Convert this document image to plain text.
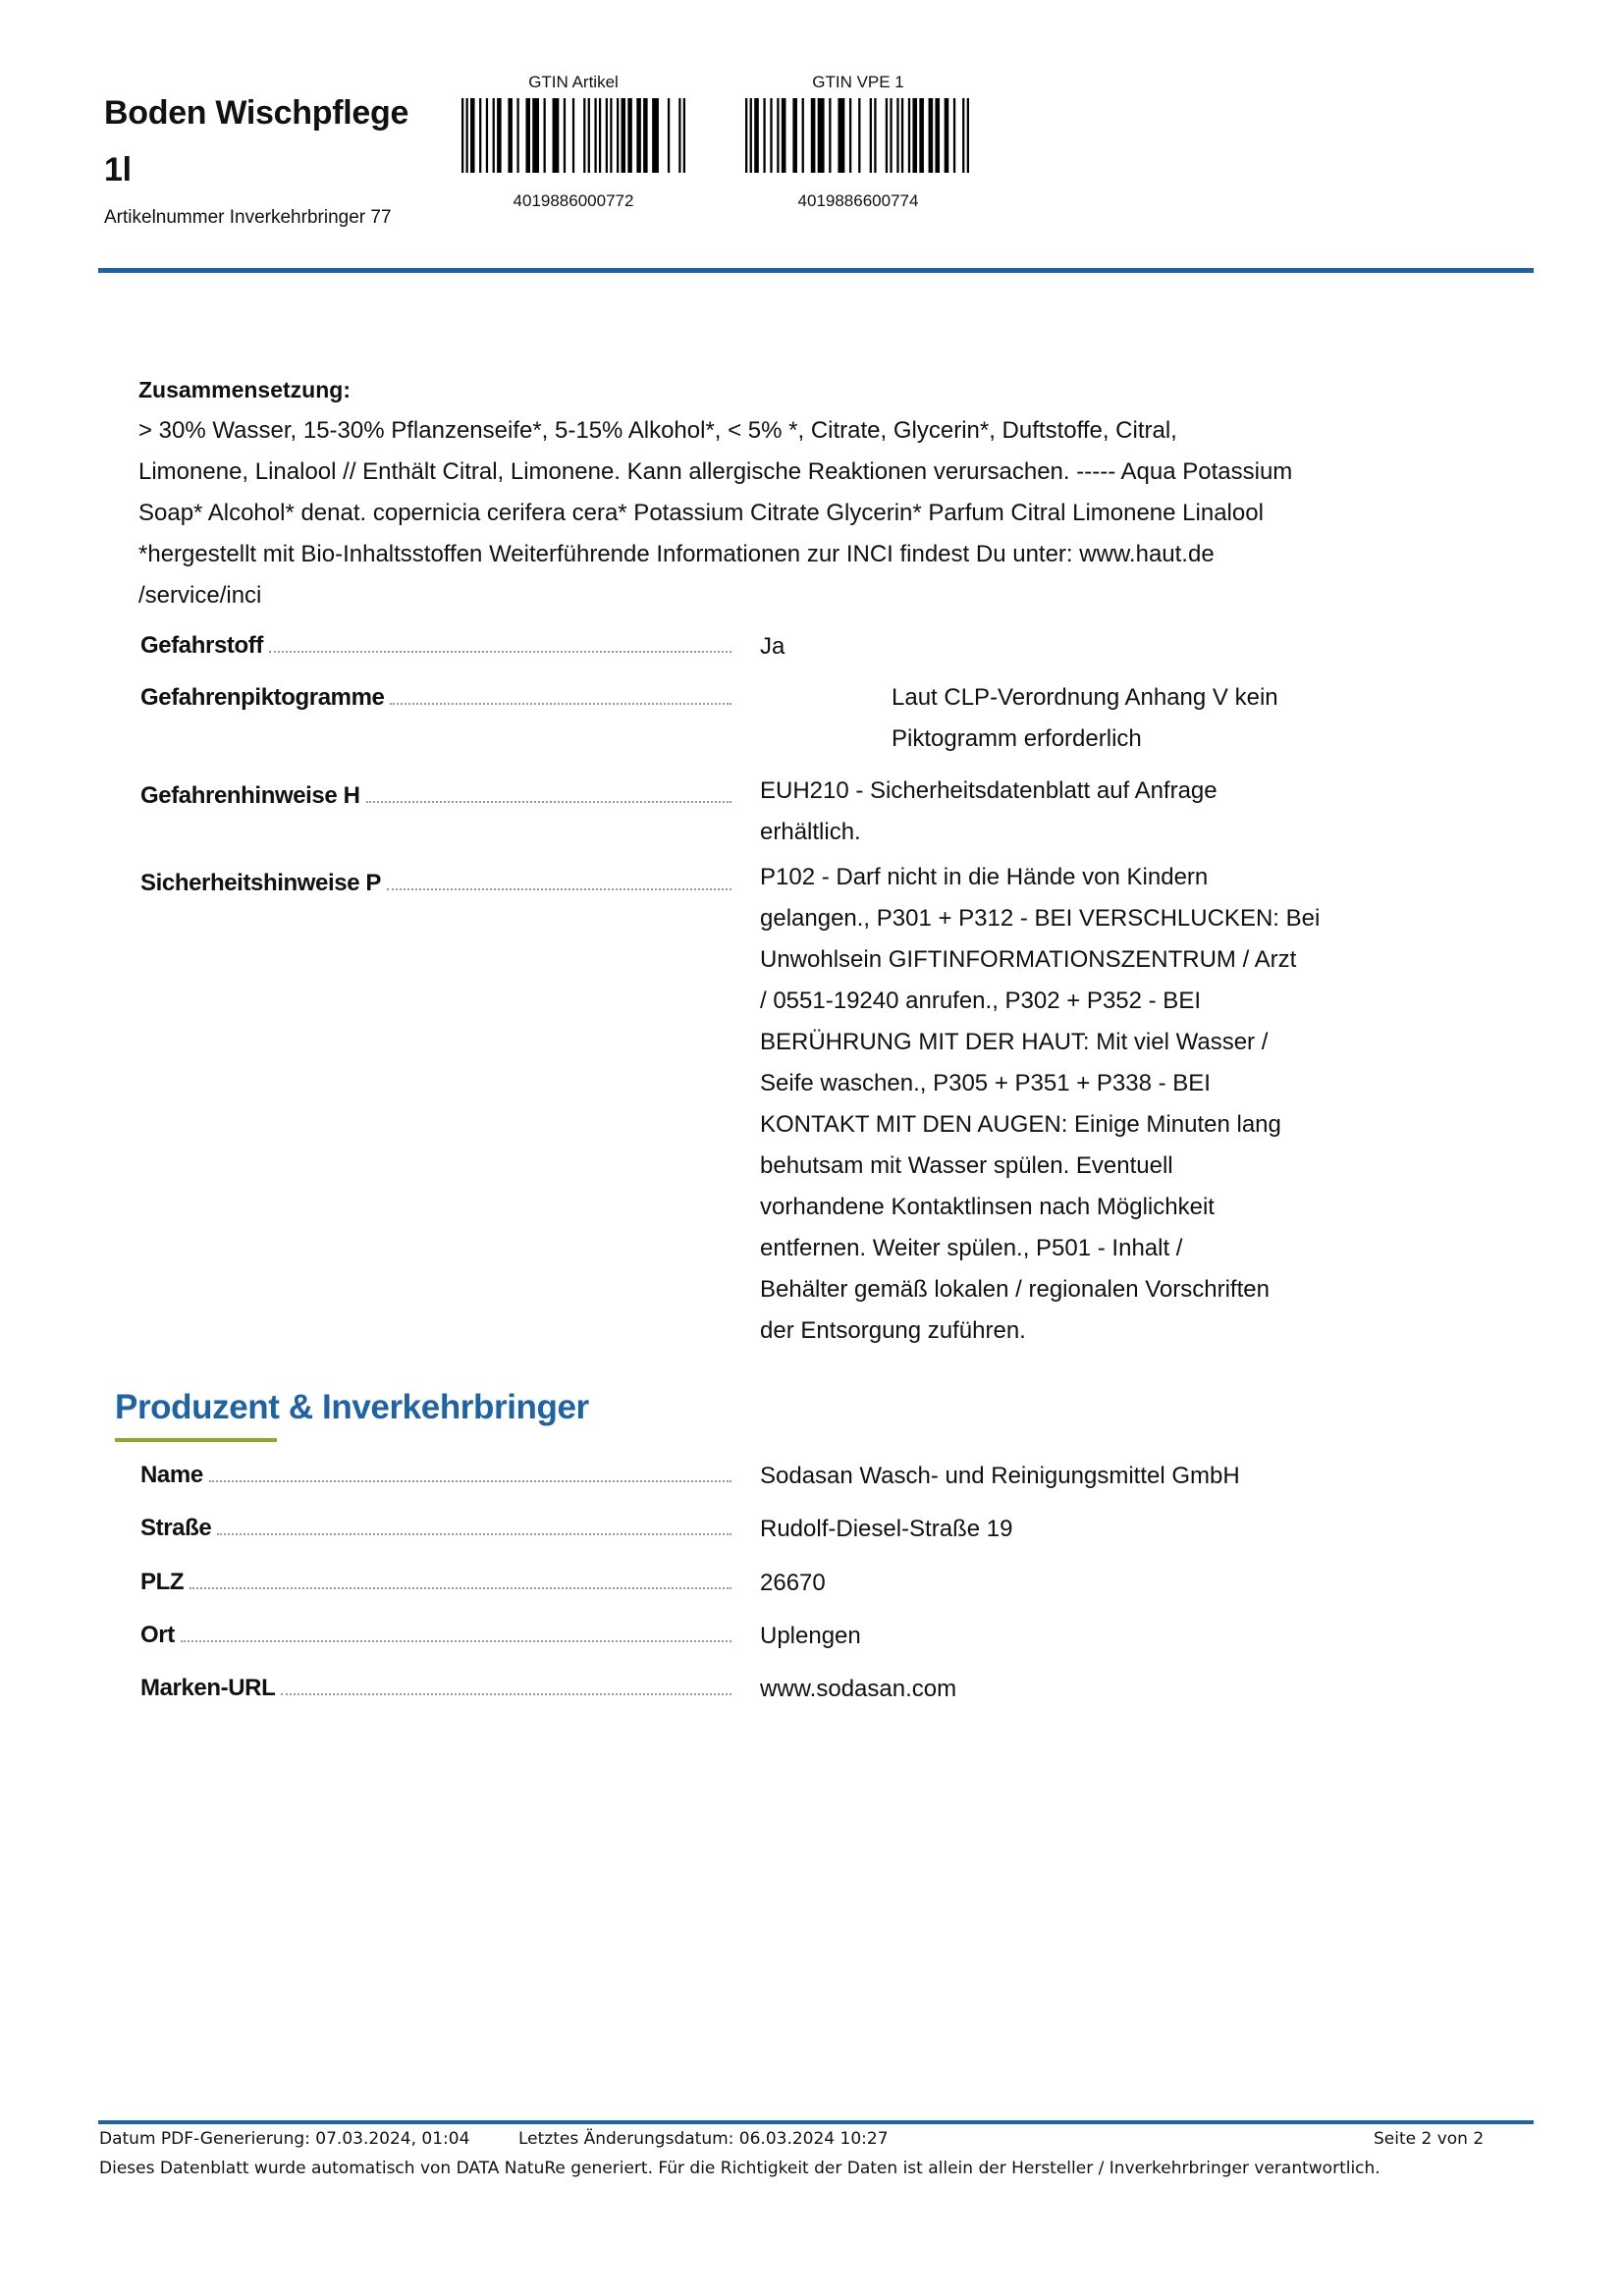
Boden Wischpflege
1l
Artikelnummer Inverkehrbringer 77
GTIN Artikel
4019886000772
GTIN VPE 1
4019886600774
Zusammensetzung:
> 30% Wasser, 15-30% Pflanzenseife*, 5-15% Alkohol*, < 5% *, Citrate, Glycerin*, Duftstoffe, Citral,
Limonene, Linalool // Enthält Citral, Limonene. Kann allergische Reaktionen verursachen. ----- Aqua Potassium
Soap* Alcohol* denat. copernicia cerifera cera* Potassium Citrate Glycerin* Parfum Citral Limonene Linalool
*hergestellt mit Bio-Inhaltsstoffen Weiterführende Informationen zur INCI findest Du unter: www.haut.de
/service/inci
Gefahrstoff	Ja
Gefahrenpiktogramme	Laut CLP-Verordnung Anhang V kein
Piktogramm erforderlich
Gefahrenhinweise H	EUH210 - Sicherheitsdatenblatt auf Anfrage
erhältlich.
Sicherheitshinweise P	P102 - Darf nicht in die Hände von Kindern
gelangen., P301 + P312 - BEI VERSCHLUCKEN: Bei
Unwohlsein GIFTINFORMATIONSZENTRUM / Arzt
/ 0551-19240 anrufen., P302 + P352 - BEI
BERÜHRUNG MIT DER HAUT: Mit viel Wasser /
Seife waschen., P305 + P351 + P338 - BEI
KONTAKT MIT DEN AUGEN: Einige Minuten lang
behutsam mit Wasser spülen. Eventuell
vorhandene Kontaktlinsen nach Möglichkeit
entfernen. Weiter spülen., P501 - Inhalt /
Behälter gemäß lokalen / regionalen Vorschriften
der Entsorgung zuführen.
Produzent & Inverkehrbringer
Name	Sodasan Wasch- und Reinigungsmittel GmbH
Straße	Rudolf-Diesel-Straße 19
PLZ	26670
Ort	Uplengen
Marken-URL	www.sodasan.com
Datum PDF-Generierung: 07.03.2024, 01:04	Letztes Änderungsdatum: 06.03.2024 10:27	Seite 2 von 2
Dieses Datenblatt wurde automatisch von DATA NatuRe generiert. Für die Richtigkeit der Daten ist allein der Hersteller / Inverkehrbringer verantwortlich.
